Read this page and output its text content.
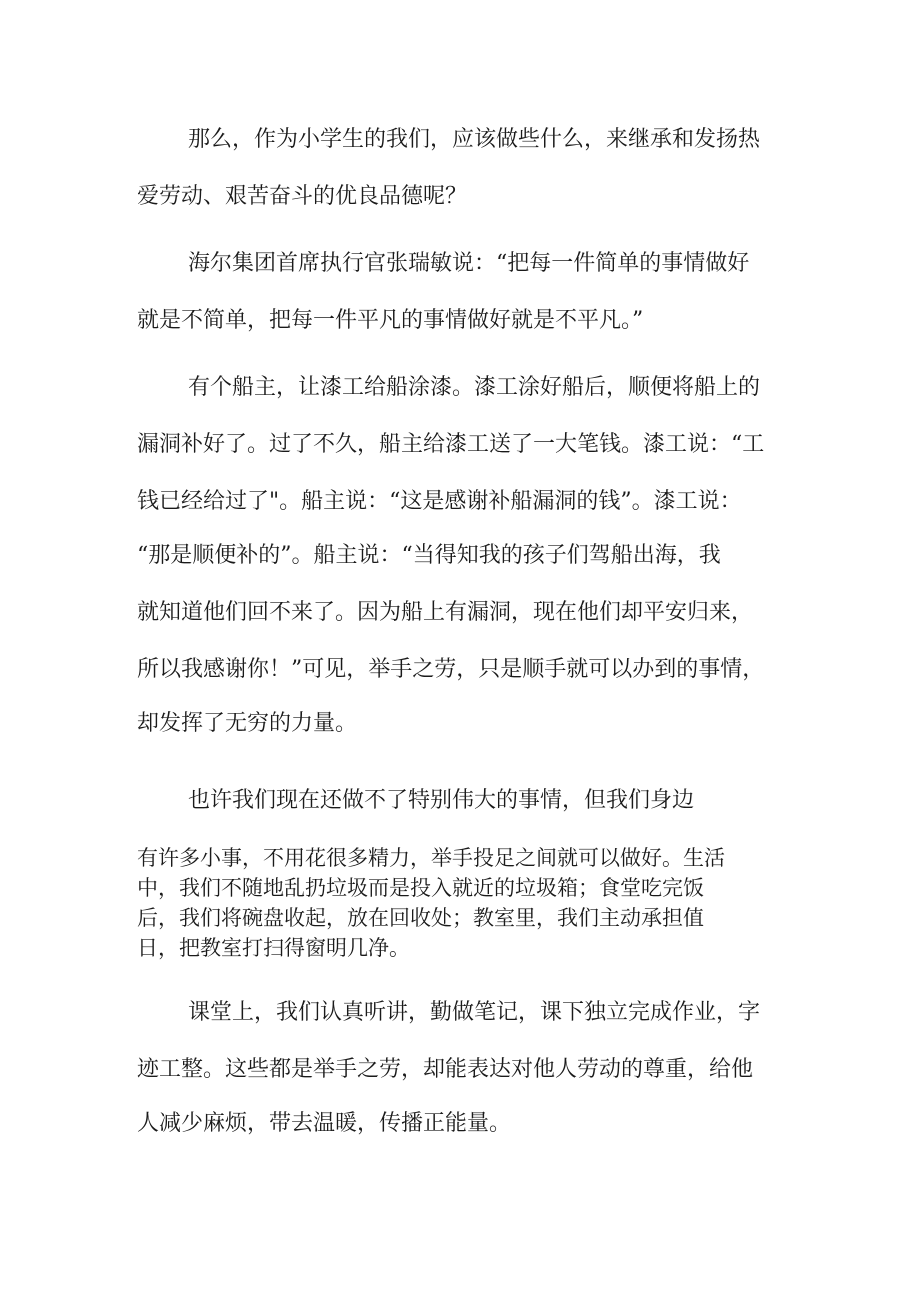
那么，作为小学生的我们，应该做些什么，来继承和发扬热
爱劳动、艰苦奋斗的优良品德呢？
海尔集团首席执行官张瑞敏说：“把每一件简单的事情做好
就是不简单，把每一件平凡的事情做好就是不平凡。”
有个船主，让漆工给船涂漆。漆工涂好船后，顺便将船上的
漏洞补好了。过了不久，船主给漆工送了一大笔钱。漆工说：“工
钱已经给过了"。船主说：“这是感谢补船漏洞的钱”。漆工说：
“那是顺便补的”。船主说：“当得知我的孩子们驾船出海，我
就知道他们回不来了。因为船上有漏洞，现在他们却平安归来，
所以我感谢你！”可见，举手之劳，只是顺手就可以办到的事情，
却发挥了无穷的力量。
也许我们现在还做不了特别伟大的事情，但我们身边
有许多小事，不用花很多精力，举手投足之间就可以做好。生活
中，我们不随地乱扔垃圾而是投入就近的垃圾箱；食堂吃完饭
后，我们将碗盘收起，放在回收处；教室里，我们主动承担值
日，把教室打扫得窗明几净。
课堂上，我们认真听讲，勤做笔记，课下独立完成作业，字
迹工整。这些都是举手之劳，却能表达对他人劳动的尊重，给他
人减少麻烦，带去温暖，传播正能量。
